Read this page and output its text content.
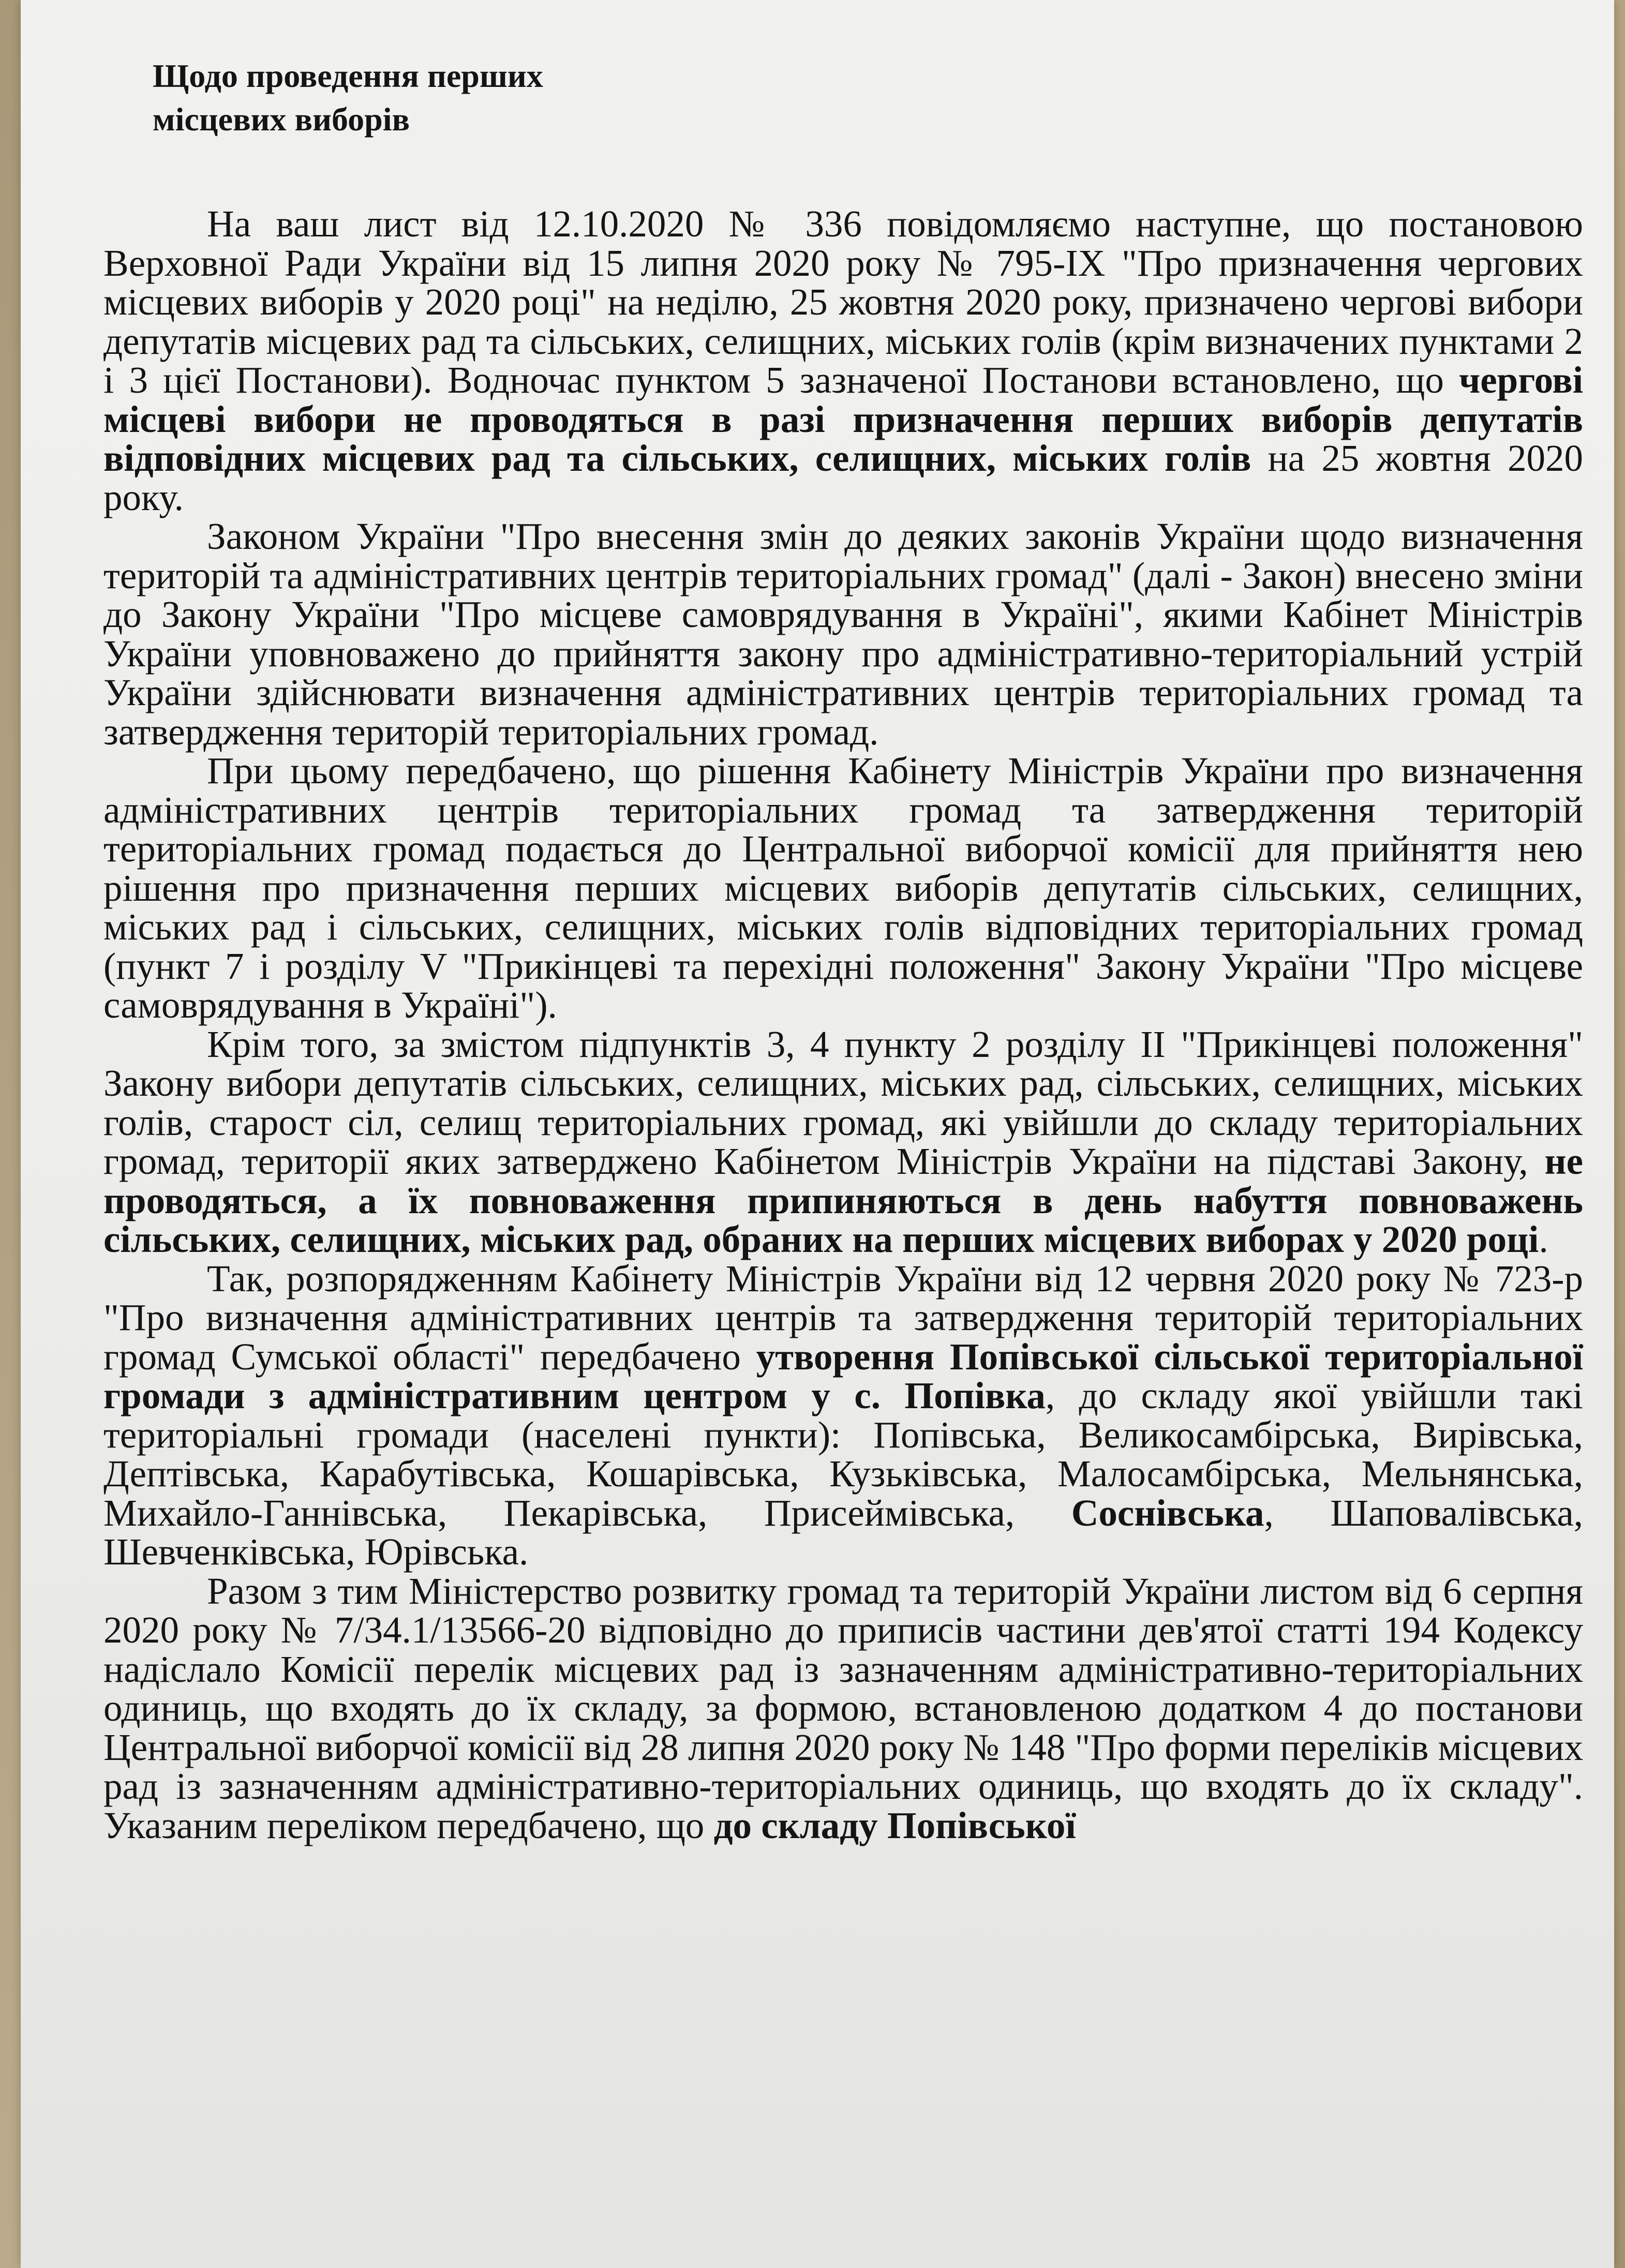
Щодо проведення перших
місцевих виборів

На ваш лист від 12.10.2020 № 336 повідомляємо наступне, що постановою Верховної Ради України від 15 липня 2020 року № 795-IX "Про призначення чергових місцевих виборів у 2020 році" на неділю, 25 жовтня 2020 року, призначено чергові вибори депутатів місцевих рад та сільських, селищних, міських голів (крім визначених пунктами 2 і 3 цієї Постанови). Водночас пунктом 5 зазначеної Постанови встановлено, що чергові місцеві вибори не проводяться в разі призначення перших виборів депутатів відповідних місцевих рад та сільських, селищних, міських голів на 25 жовтня 2020 року.

Законом України "Про внесення змін до деяких законів України щодо визначення територій та адміністративних центрів територіальних громад" (далі - Закон) внесено зміни до Закону України "Про місцеве самоврядування в Україні", якими Кабінет Міністрів України уповноважено до прийняття закону про адміністративно-територіальний устрій України здійснювати визначення адміністративних центрів територіальних громад та затвердження територій територіальних громад.

При цьому передбачено, що рішення Кабінету Міністрів України про визначення адміністративних центрів територіальних громад та затвердження територій територіальних громад подається до Центральної виборчої комісії для прийняття нею рішення про призначення перших місцевих виборів депутатів сільських, селищних, міських рад і сільських, селищних, міських голів відповідних територіальних громад (пункт 7 і розділу V "Прикінцеві та перехідні положення" Закону України "Про місцеве самоврядування в Україні").

Крім того, за змістом підпунктів 3, 4 пункту 2 розділу II "Прикінцеві положення" Закону вибори депутатів сільських, селищних, міських рад, сільських, селищних, міських голів, старост сіл, селищ територіальних громад, які увійшли до складу територіальних громад, території яких затверджено Кабінетом Міністрів України на підставі Закону, не проводяться, а їх повноваження припиняються в день набуття повноважень сільських, селищних, міських рад, обраних на перших місцевих виборах у 2020 році.

Так, розпорядженням Кабінету Міністрів України від 12 червня 2020 року № 723-р "Про визначення адміністративних центрів та затвердження територій територіальних громад Сумської області" передбачено утворення Попівської сільської територіальної громади з адміністративним центром у с. Попівка, до складу якої увійшли такі територіальні громади (населені пункти): Попівська, Великосамбірська, Вирівська, Дептівська, Карабутівська, Кошарівська, Кузьківська, Малосамбірська, Мельнянська, Михайло-Ганнівська, Пекарівська, Присеймівська, Соснівська, Шаповалівська, Шевченківська, Юрівська.

Разом з тим Міністерство розвитку громад та територій України листом від 6 серпня 2020 року № 7/34.1/13566-20 відповідно до приписів частини дев'ятої статті 194 Кодексу надіслало Комісії перелік місцевих рад із зазначенням адміністративно-територіальних одиниць, що входять до їх складу, за формою, встановленою додатком 4 до постанови Центральної виборчої комісії від 28 липня 2020 року № 148 "Про форми переліків місцевих рад із зазначенням адміністративно-територіальних одиниць, що входять до їх складу". Указаним переліком передбачено, що до складу Попівської
